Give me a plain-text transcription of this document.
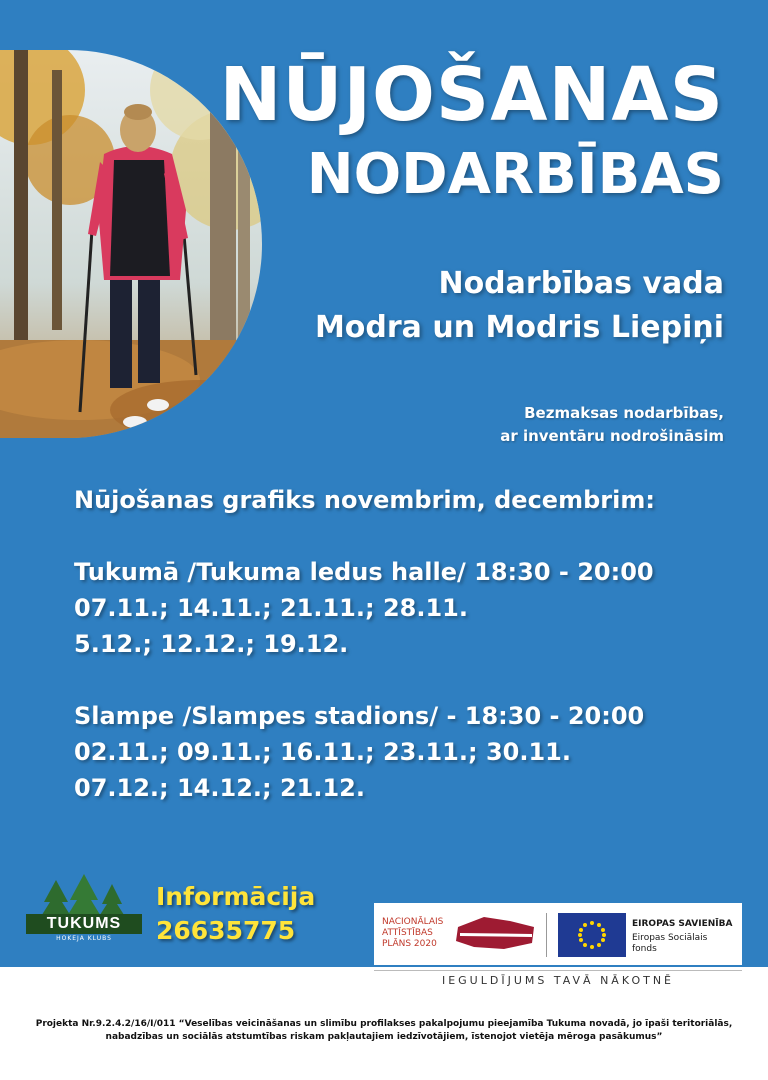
NŪJOŠANAS
NODARBĪBAS
Nodarbības vada
Modra un Modris Liepiņi
Bezmaksas nodarbības,
ar inventāru nodrošināsim
Nūjošanas grafiks novembrim, decembrim:
Tukumā /Tukuma ledus halle/ 18:30 - 20:00
07.11.; 14.11.; 21.11.; 28.11.
5.12.; 12.12.; 19.12.
Slampe /Slampes stadions/ - 18:30 - 20:00
02.11.; 09.11.; 16.11.; 23.11.; 30.11.
07.12.; 14.12.; 21.12.
TUKUMS
HOKEJA KLUBS
Informācija
26635775	NACIONĀLAIS
ATTĪSTĪBAS
PLĀNS 2020
EIROPAS SAVIENĪBA
Eiropas Sociālais
fonds
IEGULDĪJUMS TAVĀ NĀKOTNĒ
Projekta Nr.9.2.4.2/16/I/011 “Veselības veicināšanas un slimību profilakses pakalpojumu pieejamība Tukuma novadā, jo īpaši teritoriālās,
nabadzības un sociālās atstumtības riskam pakļautajiem iedzīvotājiem, īstenojot vietēja mēroga pasākumus”
